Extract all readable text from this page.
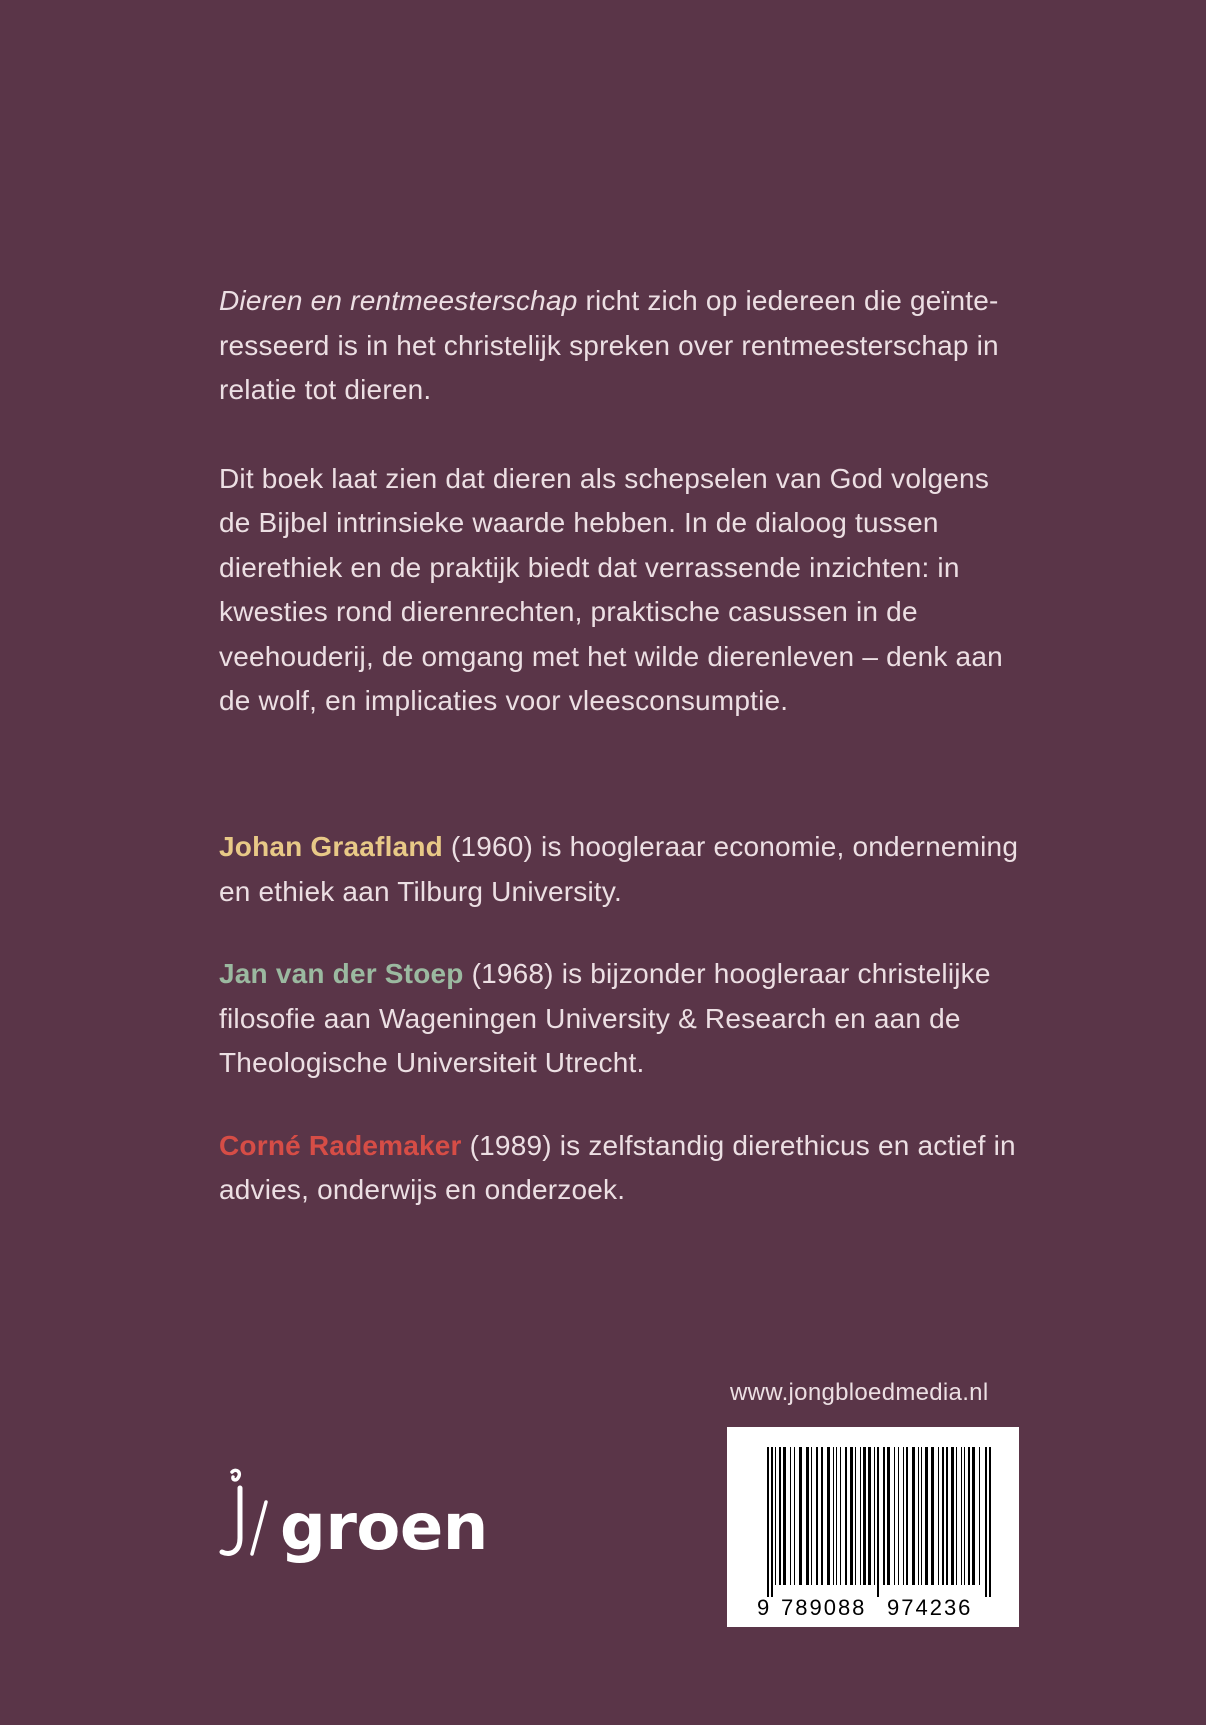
Dieren en rentmeesterschap richt zich op iedereen die geïnte-resseerd is in het christelijk spreken over rentmeesterschap in relatie tot dieren.

Dit boek laat zien dat dieren als schepselen van God volgens de Bijbel intrinsieke waarde hebben. In de dialoog tussen dierethiek en de praktijk biedt dat verrassende inzichten: in kwesties rond dierenrechten, praktische casussen in de veehouderij, de omgang met het wilde dierenleven – denk aan de wolf, en implicaties voor vleesconsumptie.

Johan Graafland (1960) is hoogleraar economie, onderneming en ethiek aan Tilburg University.

Jan van der Stoep (1968) is bijzonder hoogleraar christelijke filosofie aan Wageningen University & Research en aan de Theologische Universiteit Utrecht.

Corné Rademaker (1989) is zelfstandig dierethicus en actief in advies, onderwijs en onderzoek.

www.jongbloedmedia.nl
9 789088 974236
groen
